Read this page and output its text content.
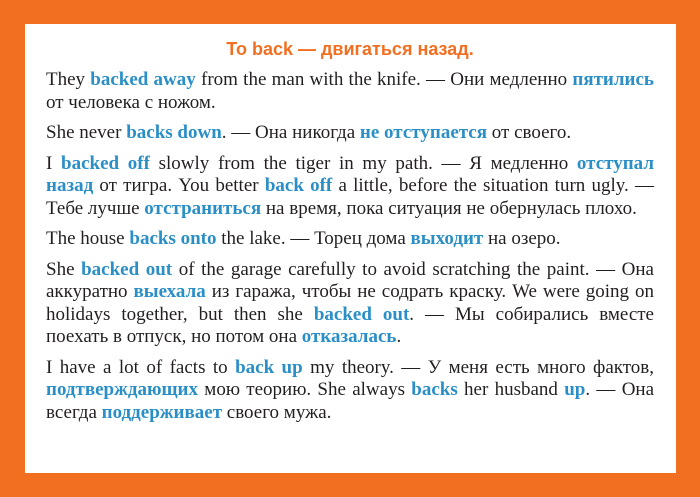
To back — двигаться назад.
They backed away from the man with the knife. — Они медленно пятились от человека с ножом.
She never backs down. — Она никогда не отступается от своего.
I backed off slowly from the tiger in my path. — Я медленно отступал назад от тигра. You better back off a little, before the situation turn ugly. — Тебе лучше отстраниться на время, пока ситуация не обернулась плохо.
The house backs onto the lake. — Торец дома выходит на озеро.
She backed out of the garage carefully to avoid scratching the paint. — Она аккуратно выехала из гаража, чтобы не содрать краску. We were going on holidays together, but then she backed out. — Мы собирались вместе поехать в отпуск, но потом она отказалась.
I have a lot of facts to back up my theory. — У меня есть много фактов, подтверждающих мою теорию. She always backs her husband up. — Она всегда поддерживает своего мужа.
